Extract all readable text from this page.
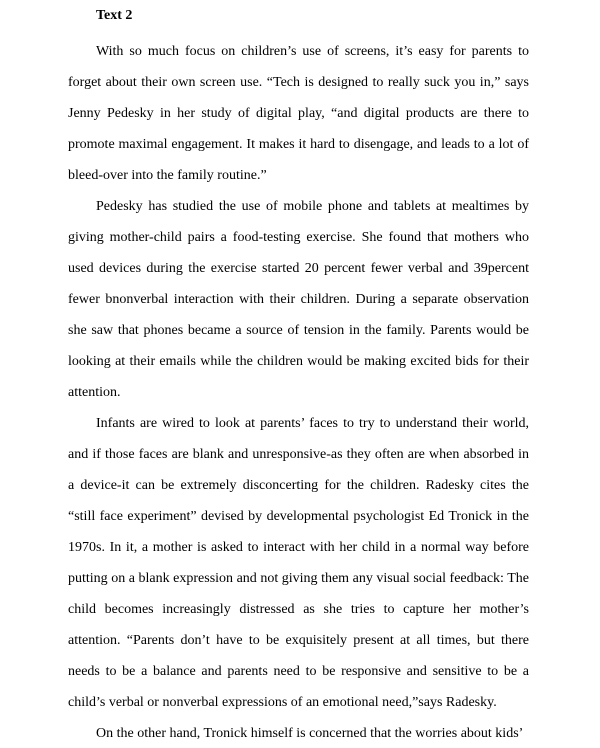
Text 2

With so much focus on children’s use of screens, it’s easy for parents to forget about their own screen use. “Tech is designed to really suck you in,” says Jenny Pedesky in her study of digital play, “and digital products are there to promote maximal engagement. It makes it hard to disengage, and leads to a lot of bleed-over into the family routine.”

Pedesky has studied the use of mobile phone and tablets at mealtimes by giving mother-child pairs a food-testing exercise. She found that mothers who used devices during the exercise started 20 percent fewer verbal and 39percent fewer bnonverbal interaction with their children. During a separate observation she saw that phones became a source of tension in the family. Parents would be looking at their emails while the children would be making excited bids for their attention.

Infants are wired to look at parents’ faces to try to understand their world, and if those faces are blank and unresponsive-as they often are when absorbed in a device-it can be extremely disconcerting for the children. Radesky cites the “still face experiment” devised by developmental psychologist Ed Tronick in the 1970s. In it, a mother is asked to interact with her child in a normal way before putting on a blank expression and not giving them any visual social feedback: The child becomes increasingly distressed as she tries to capture her mother’s attention. “Parents don’t have to be exquisitely present at all times, but there needs to be a balance and parents need to be responsive and sensitive to be a child’s verbal or nonverbal expressions of an emotional need,”says Radesky.

On the other hand, Tronick himself is concerned that the worries about kids’
